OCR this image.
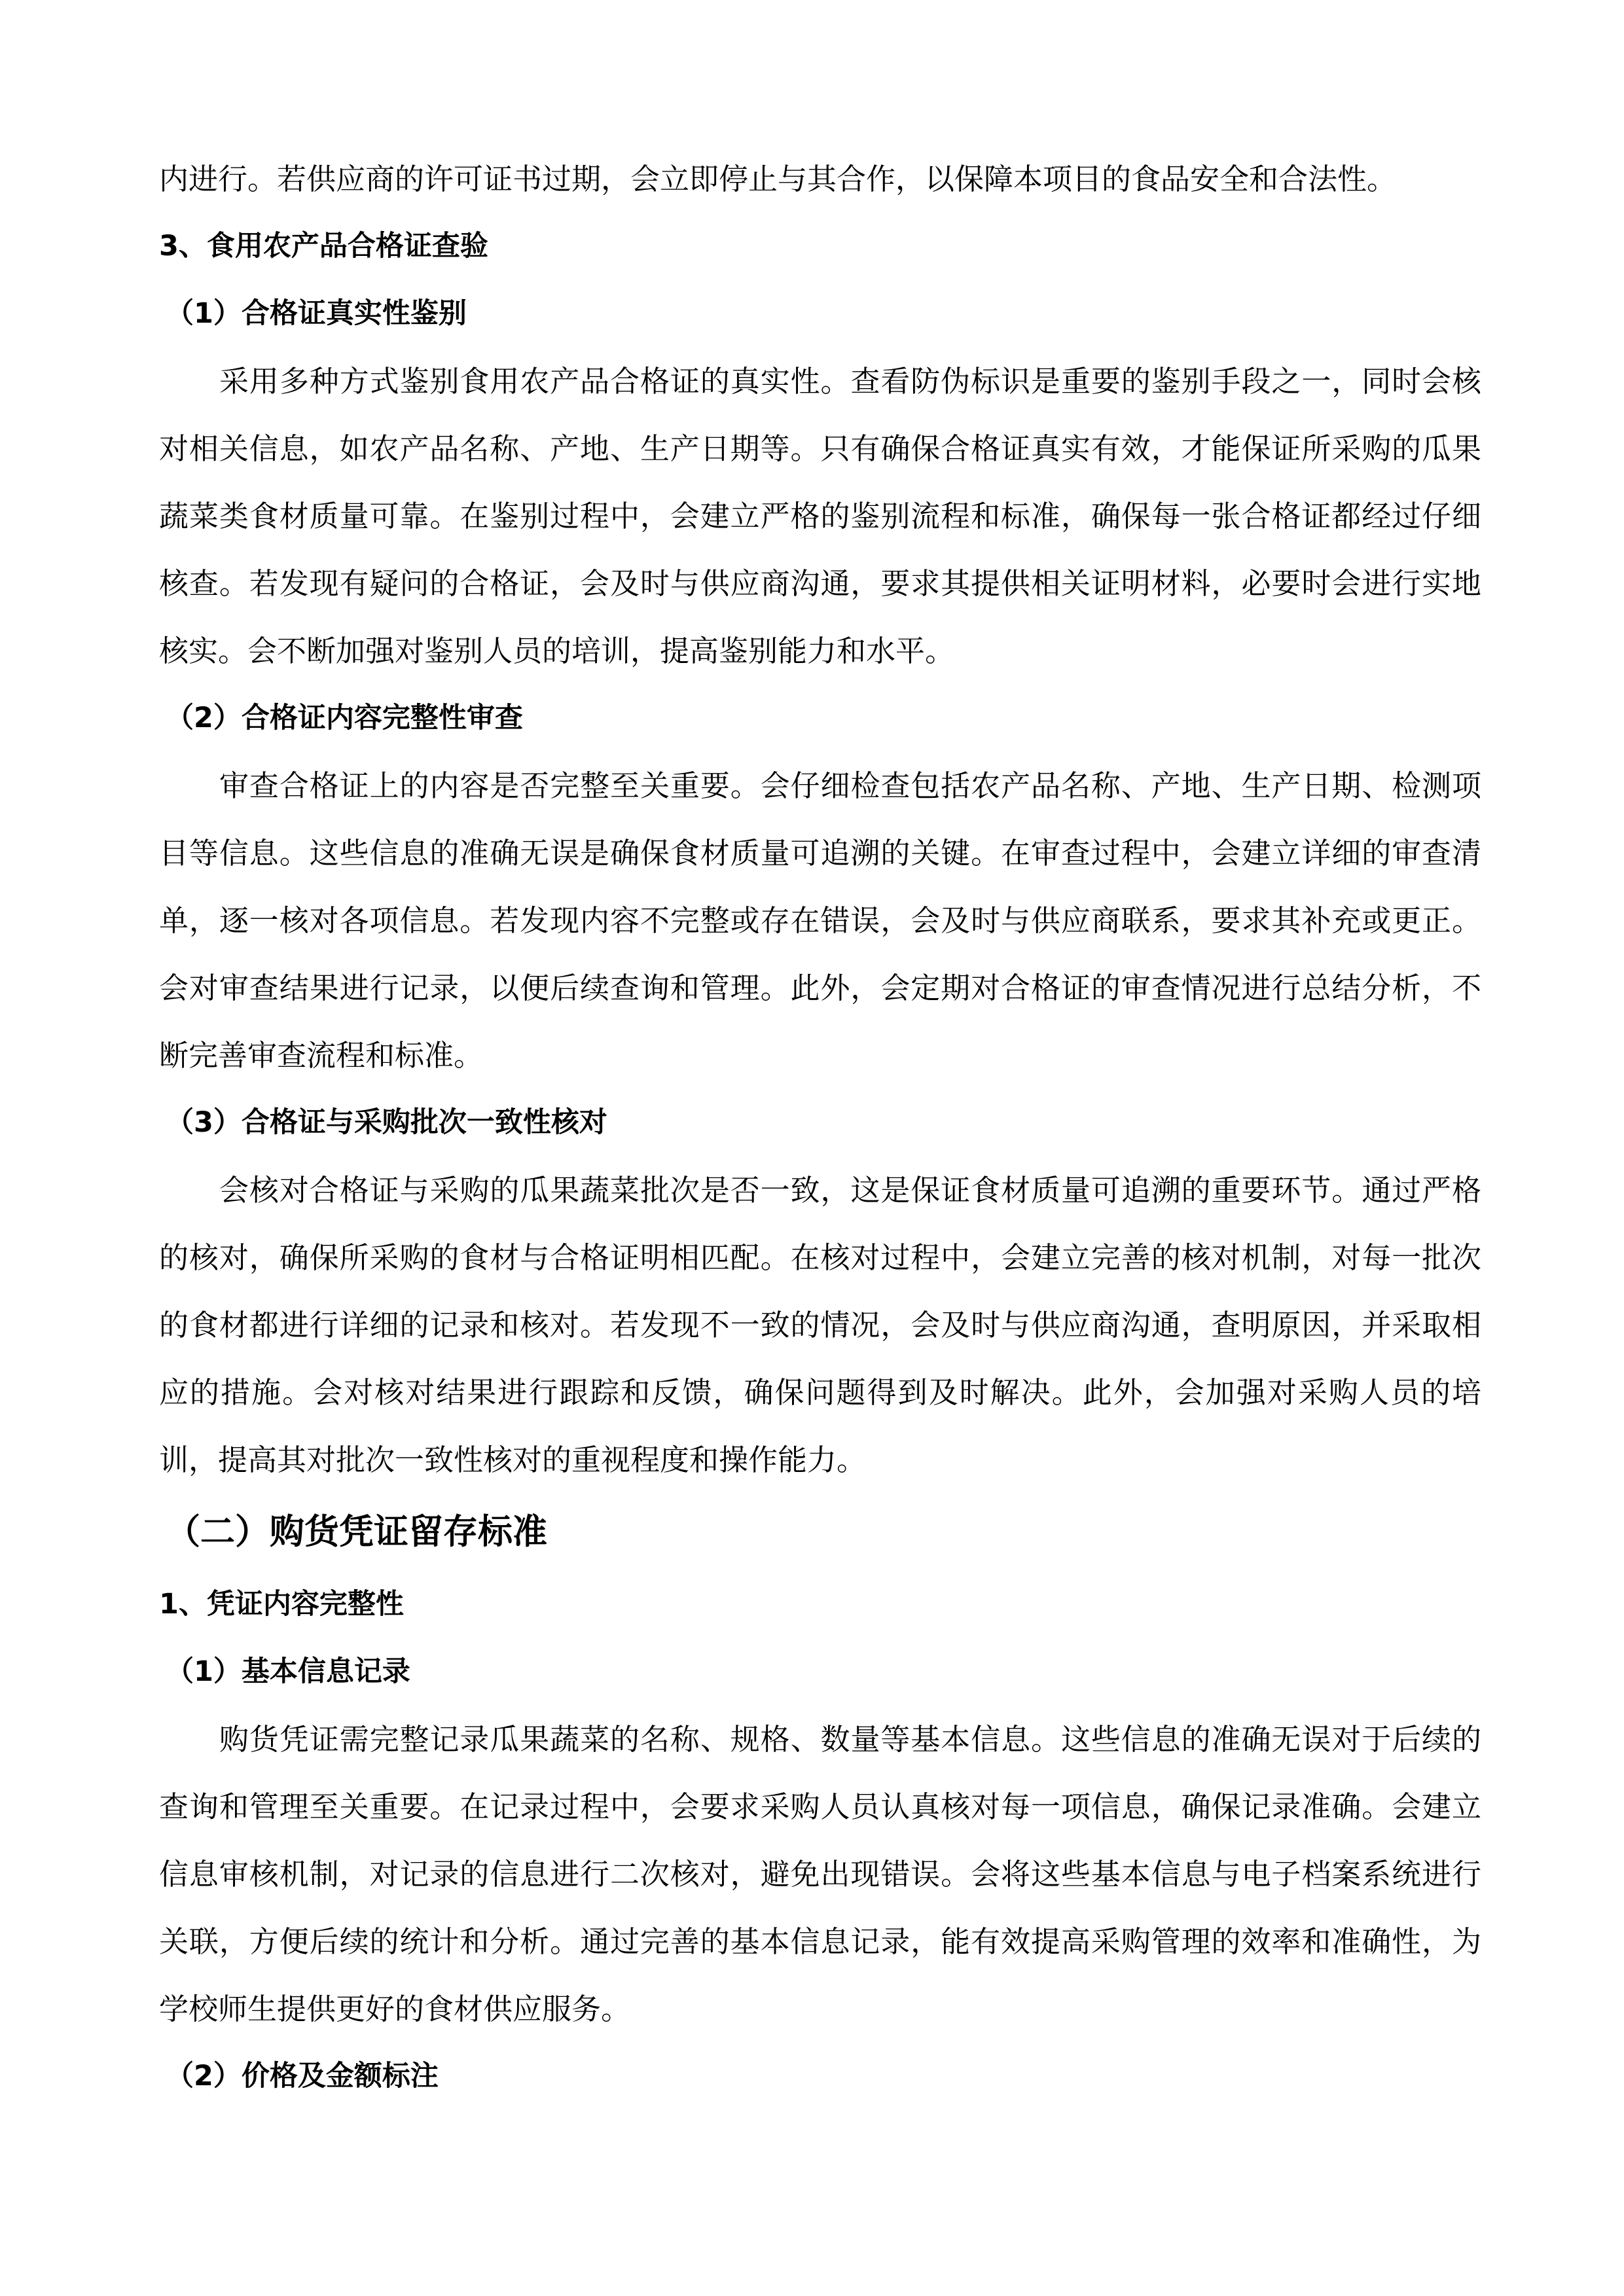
内进行。若供应商的许可证书过期，会立即停止与其合作，以保障本项目的食品安全和合法性。

3、食用农产品合格证查验

（1）合格证真实性鉴别

采用多种方式鉴别食用农产品合格证的真实性。查看防伪标识是重要的鉴别手段之一，同时会核对相关信息，如农产品名称、产地、生产日期等。只有确保合格证真实有效，才能保证所采购的瓜果蔬菜类食材质量可靠。在鉴别过程中，会建立严格的鉴别流程和标准，确保每一张合格证都经过仔细核查。若发现有疑问的合格证，会及时与供应商沟通，要求其提供相关证明材料，必要时会进行实地核实。会不断加强对鉴别人员的培训，提高鉴别能力和水平。

（2）合格证内容完整性审查

审查合格证上的内容是否完整至关重要。会仔细检查包括农产品名称、产地、生产日期、检测项目等信息。这些信息的准确无误是确保食材质量可追溯的关键。在审查过程中，会建立详细的审查清单，逐一核对各项信息。若发现内容不完整或存在错误，会及时与供应商联系，要求其补充或更正。会对审查结果进行记录，以便后续查询和管理。此外，会定期对合格证的审查情况进行总结分析，不断完善审查流程和标准。

（3）合格证与采购批次一致性核对

会核对合格证与采购的瓜果蔬菜批次是否一致，这是保证食材质量可追溯的重要环节。通过严格的核对，确保所采购的食材与合格证明相匹配。在核对过程中，会建立完善的核对机制，对每一批次的食材都进行详细的记录和核对。若发现不一致的情况，会及时与供应商沟通，查明原因，并采取相应的措施。会对核对结果进行跟踪和反馈，确保问题得到及时解决。此外，会加强对采购人员的培训，提高其对批次一致性核对的重视程度和操作能力。

（二）购货凭证留存标准

1、凭证内容完整性

（1）基本信息记录

购货凭证需完整记录瓜果蔬菜的名称、规格、数量等基本信息。这些信息的准确无误对于后续的查询和管理至关重要。在记录过程中，会要求采购人员认真核对每一项信息，确保记录准确。会建立信息审核机制，对记录的信息进行二次核对，避免出现错误。会将这些基本信息与电子档案系统进行关联，方便后续的统计和分析。通过完善的基本信息记录，能有效提高采购管理的效率和准确性，为学校师生提供更好的食材供应服务。

（2）价格及金额标注
